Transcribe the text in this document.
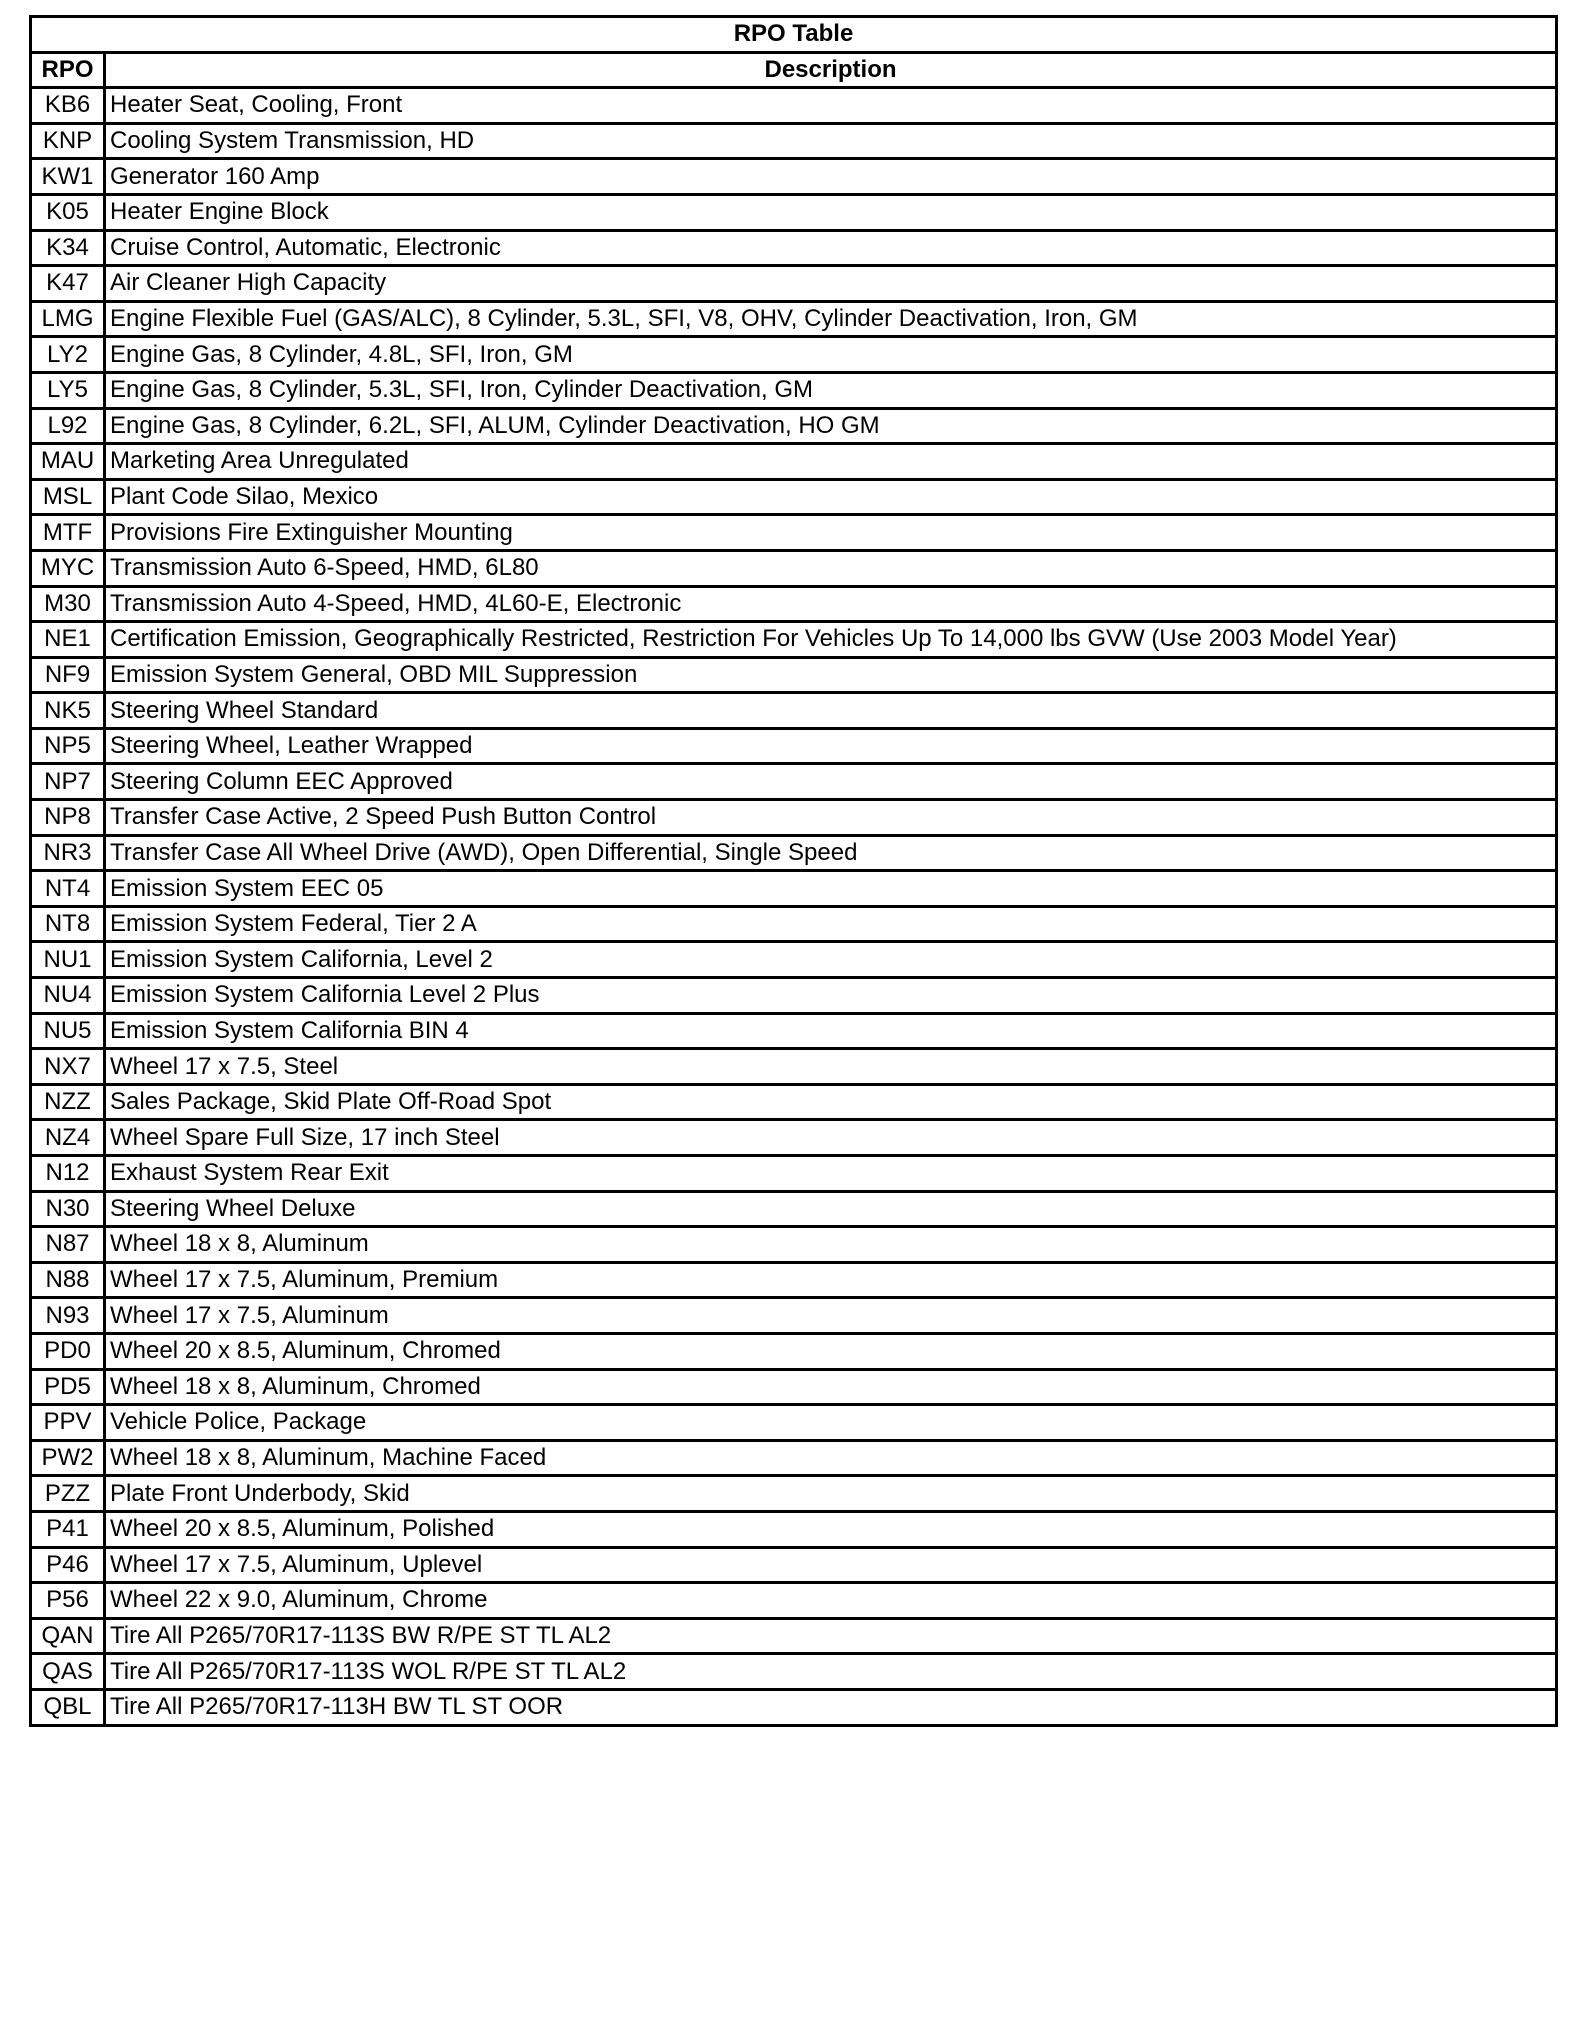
RPO Table	
RPO	Description
KB6	Heater Seat, Cooling, Front
KNP	Cooling System Transmission, HD
KW1	Generator 160 Amp
K05	Heater Engine Block
K34	Cruise Control, Automatic, Electronic
K47	Air Cleaner High Capacity
LMG	Engine Flexible Fuel (GAS/ALC), 8 Cylinder, 5.3L, SFI, V8, OHV, Cylinder Deactivation, Iron, GM
LY2	Engine Gas, 8 Cylinder, 4.8L, SFI, Iron, GM
LY5	Engine Gas, 8 Cylinder, 5.3L, SFI, Iron, Cylinder Deactivation, GM
L92	Engine Gas, 8 Cylinder, 6.2L, SFI, ALUM, Cylinder Deactivation, HO GM
MAU	Marketing Area Unregulated
MSL	Plant Code Silao, Mexico
MTF	Provisions Fire Extinguisher Mounting
MYC	Transmission Auto 6-Speed, HMD, 6L80
M30	Transmission Auto 4-Speed, HMD, 4L60-E, Electronic
NE1	Certification Emission, Geographically Restricted, Restriction For Vehicles Up To 14,000 lbs GVW (Use 2003 Model Year)
NF9	Emission System General, OBD MIL Suppression
NK5	Steering Wheel Standard
NP5	Steering Wheel, Leather Wrapped
NP7	Steering Column EEC Approved
NP8	Transfer Case Active, 2 Speed Push Button Control
NR3	Transfer Case All Wheel Drive (AWD), Open Differential, Single Speed
NT4	Emission System EEC 05
NT8	Emission System Federal, Tier 2 A
NU1	Emission System California, Level 2
NU4	Emission System California Level 2 Plus
NU5	Emission System California BIN 4
NX7	Wheel 17 x 7.5, Steel
NZZ	Sales Package, Skid Plate Off-Road Spot
NZ4	Wheel Spare Full Size, 17 inch Steel
N12	Exhaust System Rear Exit
N30	Steering Wheel Deluxe
N87	Wheel 18 x 8, Aluminum
N88	Wheel 17 x 7.5, Aluminum, Premium
N93	Wheel 17 x 7.5, Aluminum
PD0	Wheel 20 x 8.5, Aluminum, Chromed
PD5	Wheel 18 x 8, Aluminum, Chromed
PPV	Vehicle Police, Package
PW2	Wheel 18 x 8, Aluminum, Machine Faced
PZZ	Plate Front Underbody, Skid
P41	Wheel 20 x 8.5, Aluminum, Polished
P46	Wheel 17 x 7.5, Aluminum, Uplevel
P56	Wheel 22 x 9.0, Aluminum, Chrome
QAN	Tire All P265/70R17-113S BW R/PE ST TL AL2
QAS	Tire All P265/70R17-113S WOL R/PE ST TL AL2
QBL	Tire All P265/70R17-113H BW TL ST OOR
